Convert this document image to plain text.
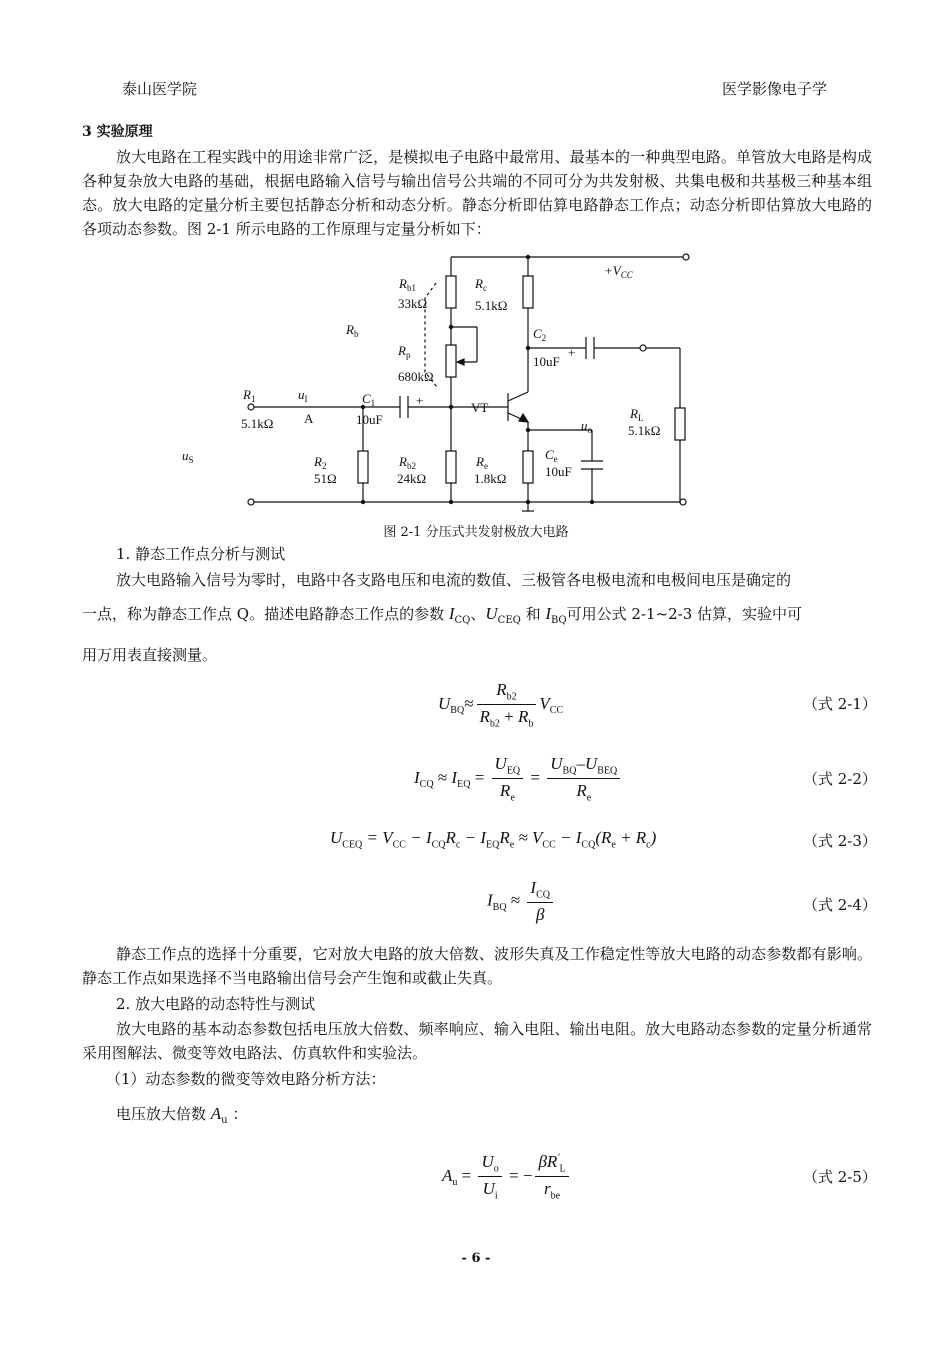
泰山医学院	医学影像电子学
3 实验原理
放大电路在工程实践中的用途非常广泛，是模拟电子电路中最常用、最基本的一种典型电路。单管放大电路是构成各种复杂放大电路的基础，根据电路输入信号与输出信号公共端的不同可分为共发射极、共集电极和共基极三种基本组态。放大电路的定量分析主要包括静态分析和动态分析。静态分析即估算电路静态工作点；动态分析即估算放大电路的各项动态参数。图 2-1 所示电路的工作原理与定量分析如下：
$+V_{CC}$
$R_{b1}$
33kΩ
$R_c$
5.1kΩ
$R_b$
$R_p$
680kΩ
$C_2$
10uF
+
$R_1$
5.1kΩ
$u_I$
A
$C_1$
10uF
+	VT	$R_L$
5.1kΩ
$u_o$
$u_S$	$R_2$
51Ω
$R_{b2}$
24kΩ
$R_e$
1.8kΩ
$C_e$
10uF
图 2-1 分压式共发射极放大电路
1. 静态工作点分析与测试
放大电路输入信号为零时，电路中各支路电压和电流的数值、三极管各电极电流和电极间电压是确定的
一点，称为静态工作点 Q。描述电路静态工作点的参数 $I_{CQ}$、$U_{CEQ}$ 和 $I_{BQ}$可用公式 2-1~2-3 估算，实验中可
用万用表直接测量。
$U_{BQ}\approx \frac{R_{b2}}{R_{b2} + R_b} V_{CC}$	（式 2-1）
$I_{CQ} \approx I_{EQ} = \frac{U_{EQ}}{R_e} = \frac{U_{BQ}-U_{BEQ}}{R_e}$	（式 2-2）
$U_{CEQ} = V_{CC} - I_{CQ}R_c - I_{EQ}R_e \approx V_{CC} - I_{CQ}(R_e + R_c)$	（式 2-3）
$I_{BQ} \approx \frac{I_{CQ}}{\beta}$	（式 2-4）
静态工作点的选择十分重要，它对放大电路的放大倍数、波形失真及工作稳定性等放大电路的动态参数都有影响。静态工作点如果选择不当电路输出信号会产生饱和或截止失真。
2. 放大电路的动态特性与测试
放大电路的基本动态参数包括电压放大倍数、频率响应、输入电阻、输出电阻。放大电路动态参数的定量分析通常采用图解法、微变等效电路法、仿真软件和实验法。
（1）动态参数的微变等效电路分析方法：
电压放大倍数 $A_u$ ：
$A_u = \frac{U_o}{U_i}$ = − $\frac{\beta R'_L}{r_{be}}$	（式 2-5）
- 6 -
